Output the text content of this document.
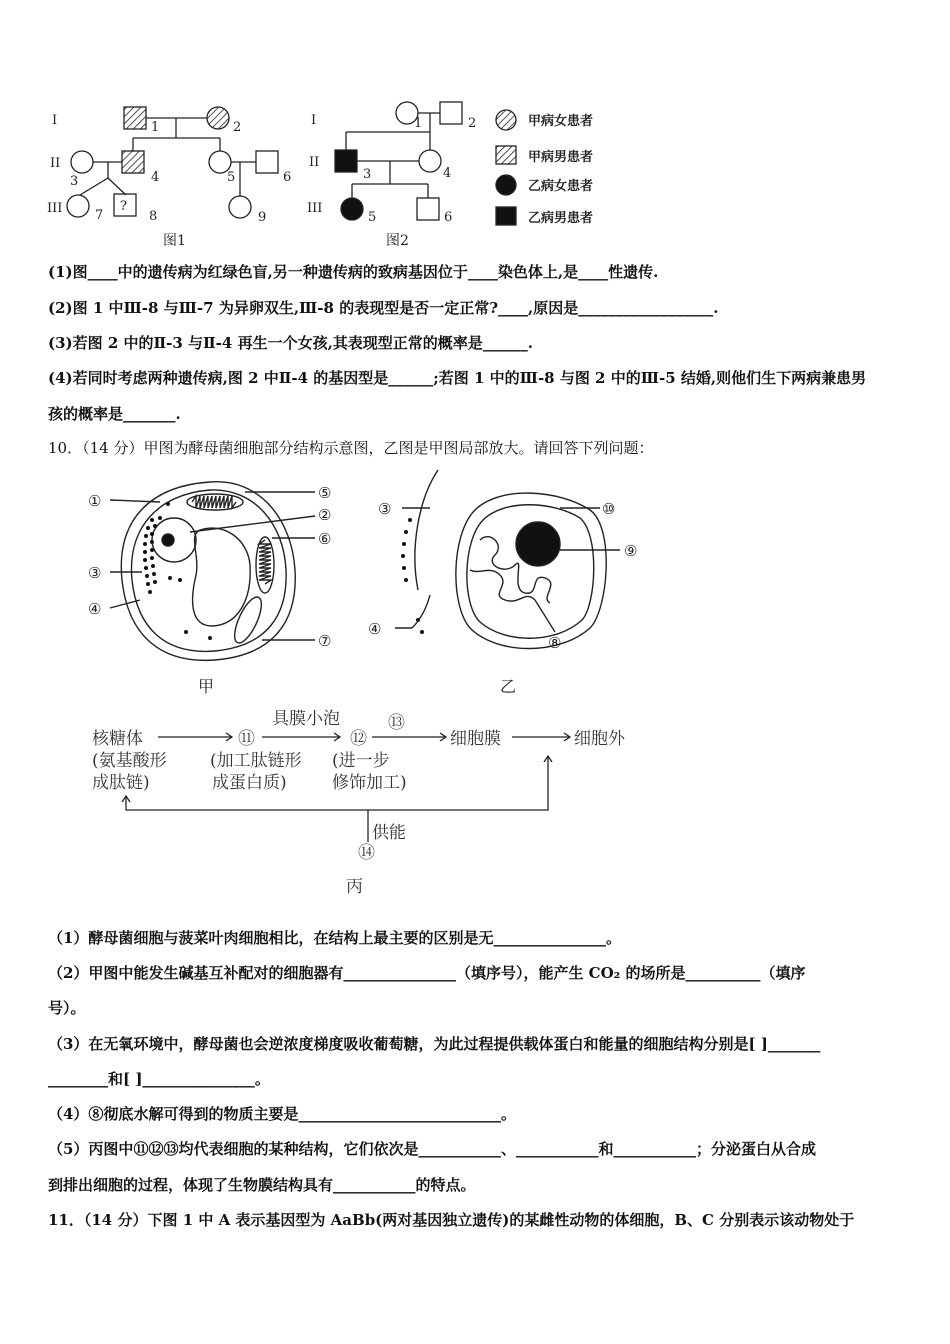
I
II
III
1	2
3	4	5	6
7	8
?
9
I
II
III
1	2
3	4
5	6
图1	图2
甲病女患者
甲病男患者
乙病女患者
乙病男患者
(1)图____中的遗传病为红绿色盲,另一种遗传病的致病基因位于____染色体上,是____性遗传.
(2)图 1 中Ⅲ-8 与Ⅲ-7 为异卵双生,Ⅲ-8 的表现型是否一定正常?____,原因是__________________.
(3)若图 2 中的Ⅱ-3 与Ⅱ-4 再生一个女孩,其表现型正常的概率是______.
(4)若同时考虑两种遗传病,图 2 中Ⅱ-4 的基因型是______;若图 1 中的Ⅲ-8 与图 2 中的Ⅲ-5 结婚,则他们生下两病兼患男
孩的概率是_______.
10．（14 分）甲图为酵母菌细胞部分结构示意图，乙图是甲图局部放大。请回答下列问题：
①
②
③
④
⑤
⑥
⑦
③
④
⑧
⑨
⑩
甲	乙
核糖体
(氨基酸形
成肽链)
⑪
(加工肽链形
成蛋白质)
具膜小泡
⑫
(进一步
修饰加工)
⑬
细胞膜	细胞外
供能
⑭
丙
（1）酵母菌细胞与菠菜叶肉细胞相比，在结构上最主要的区别是无_______________。
（2）甲图中能发生碱基互补配对的细胞器有_______________（填序号），能产生 CO₂ 的场所是__________（填序
号）。
（3）在无氧环境中，酵母菌也会逆浓度梯度吸收葡萄糖，为此过程提供载体蛋白和能量的细胞结构分别是[ ]_______
________和[ ]_______________。
（4）⑧彻底水解可得到的物质主要是___________________________。
（5）丙图中⑪⑫⑬均代表细胞的某种结构，它们依次是___________、___________和___________；分泌蛋白从合成
到排出细胞的过程，体现了生物膜结构具有___________的特点。
11．（14 分）下图 1 中 A 表示基因型为 AaBb(两对基因独立遗传)的某雌性动物的体细胞，B、C 分别表示该动物处于
